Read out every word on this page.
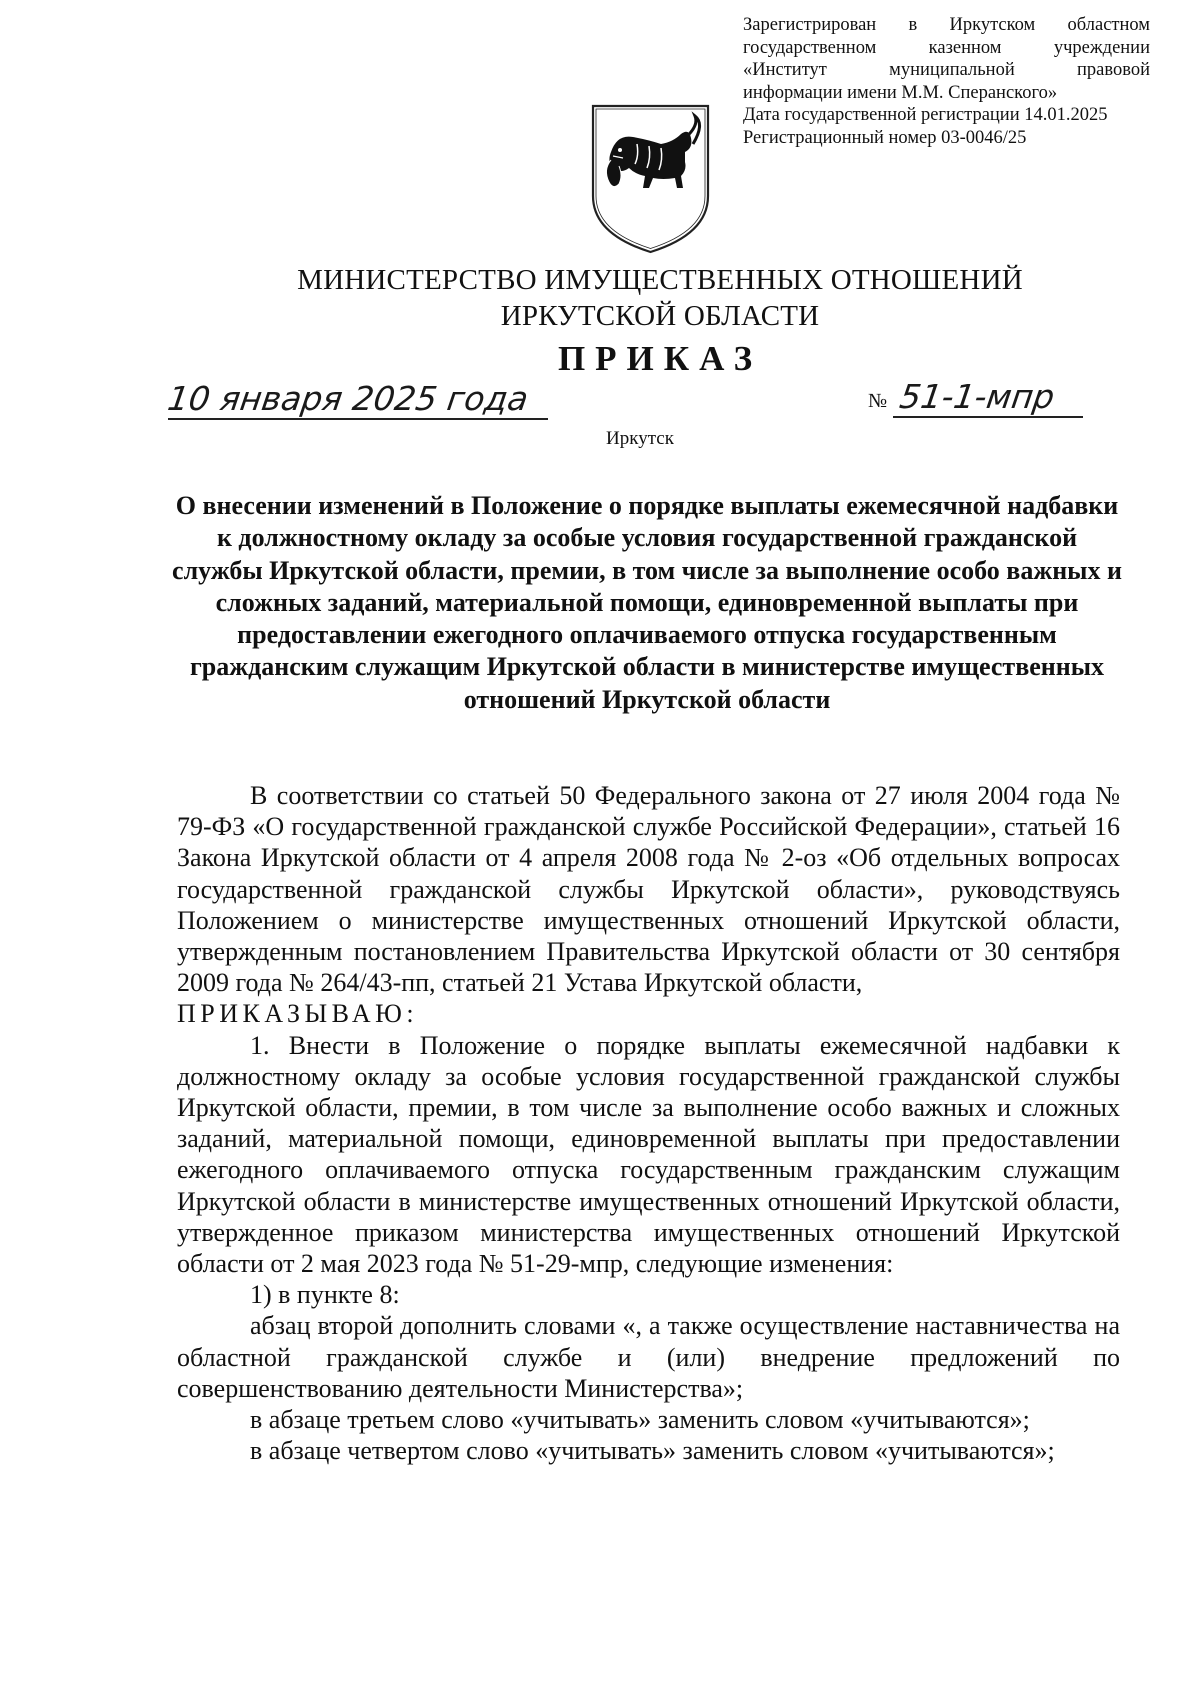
Зарегистрирован в Иркутском областном
государственном казенном учреждении
«Институт муниципальной правовой
информации имени М.М. Сперанского»
Дата государственной регистрации 14.01.2025
Регистрационный номер 03-0046/25
МИНИСТЕРСТВО ИМУЩЕСТВЕННЫХ ОТНОШЕНИЙ
ИРКУТСКОЙ ОБЛАСТИ
ПРИКАЗ
10 января 2025 года	№ 51-1-мпр
Иркутск
О внесении изменений в Положение о порядке выплаты ежемесячной надбавки к должностному окладу за особые условия государственной гражданской службы Иркутской области, премии, в том числе за выполнение особо важных и сложных заданий, материальной помощи, единовременной выплаты при предоставлении ежегодного оплачиваемого отпуска государственным гражданским служащим Иркутской области в министерстве имущественных отношений Иркутской области

В соответствии со статьей 50 Федерального закона от 27 июля 2004 года № 79-ФЗ «О государственной гражданской службе Российской Федерации», статьей 16 Закона Иркутской области от 4 апреля 2008 года № 2-оз «Об отдельных вопросах государственной гражданской службы Иркутской области», руководствуясь Положением о министерстве имущественных отношений Иркутской области, утвержденным постановлением Правительства Иркутской области от 30 сентября 2009 года № 264/43-пп, статьей 21 Устава Иркутской области,

ПРИКАЗЫВАЮ:

1. Внести в Положение о порядке выплаты ежемесячной надбавки к должностному окладу за особые условия государственной гражданской службы Иркутской области, премии, в том числе за выполнение особо важных и сложных заданий, материальной помощи, единовременной выплаты при предоставлении ежегодного оплачиваемого отпуска государственным гражданским служащим Иркутской области в министерстве имущественных отношений Иркутской области, утвержденное приказом министерства имущественных отношений Иркутской области от 2 мая 2023 года № 51-29-мпр, следующие изменения:

1) в пункте 8:

абзац второй дополнить словами «, а также осуществление наставничества на областной гражданской службе и (или) внедрение предложений по совершенствованию деятельности Министерства»;

в абзаце третьем слово «учитывать» заменить словом «учитываются»;

в абзаце четвертом слово «учитывать» заменить словом «учитываются»;
